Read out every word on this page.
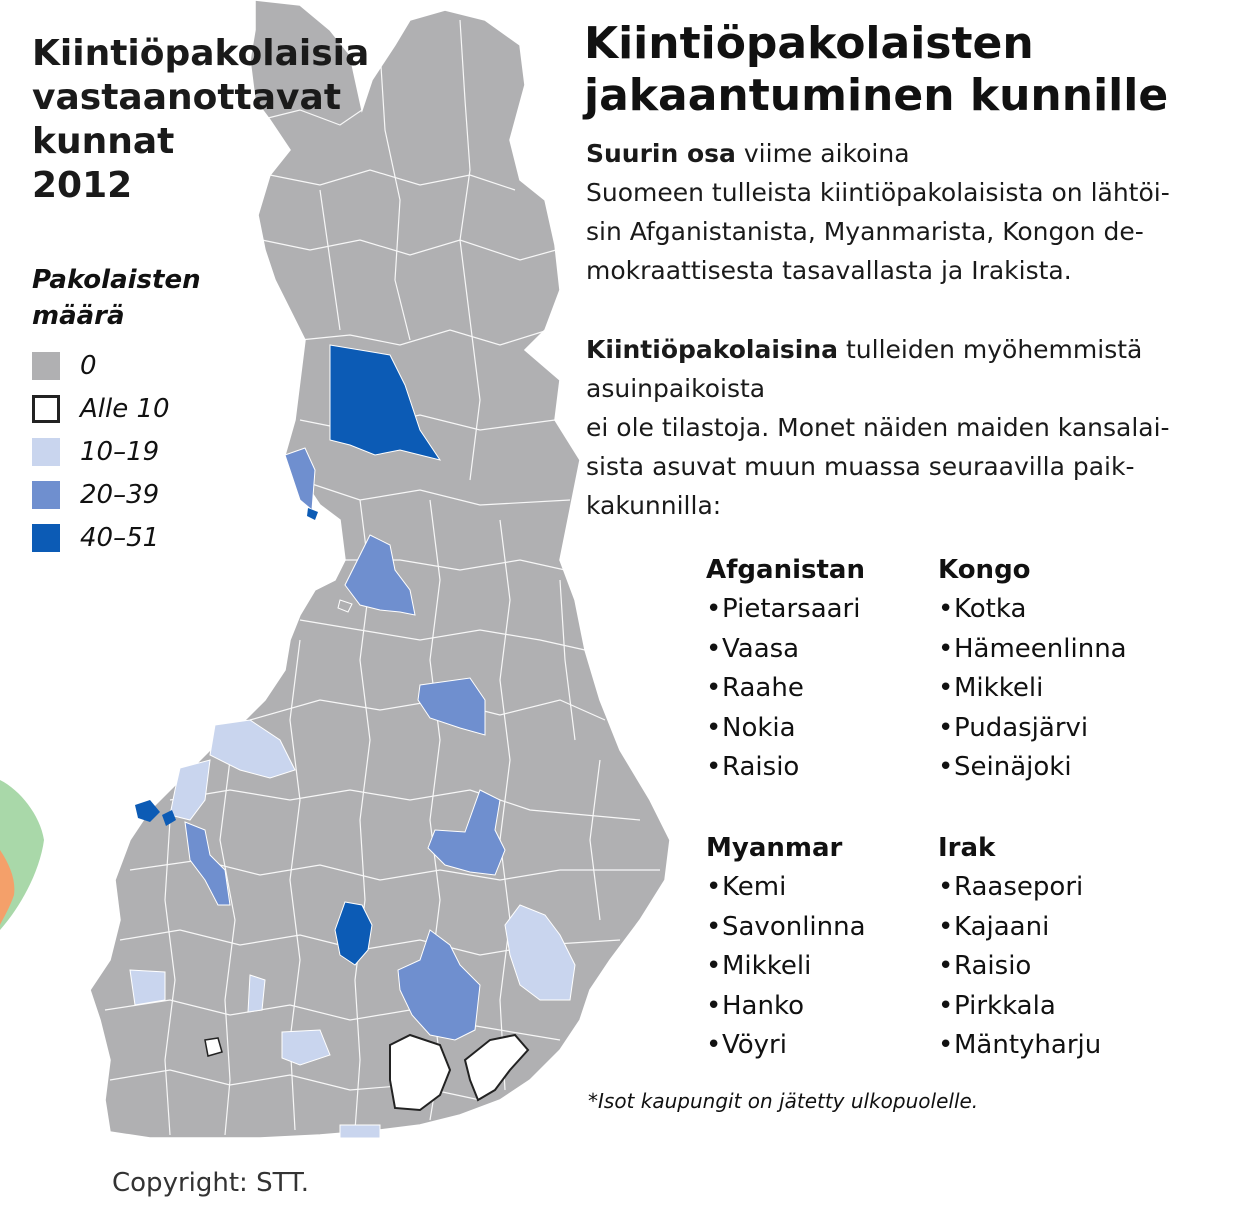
Kiintiöpakolaisia
vastaanottavat
kunnat
2012
Pakolaisten
määrä
0
Alle 10
10–19
20–39
40–51
Kiintiöpakolaisten
jakaantuminen kunnille

Suurin osa viime aikoina
Suomeen tulleista kiintiöpakolaisista on lähtöi-
sin Afganistanista, Myanmarista, Kongon de-
mokraattisesta tasavallasta ja Irakista.

Kiintiöpakolaisina tulleiden myöhemmistä
asuinpaikoista
ei ole tilastoja. Monet näiden maiden kansalai-
sista asuvat muun muassa seuraavilla paik-
kakunnilla:

Afganistan
•Pietarsaari
•Vaasa
•Raahe
•Nokia
•Raisio
Kongo
•Kotka
•Hämeenlinna
•Mikkeli
•Pudasjärvi
•Seinäjoki
Myanmar
•Kemi
•Savonlinna
•Mikkeli
•Hanko
•Vöyri
Irak
•Raasepori
•Kajaani
•Raisio
•Pirkkala
•Mäntyharju
*Isot kaupungit on jätetty ulkopuolelle.
Copyright: STT.
